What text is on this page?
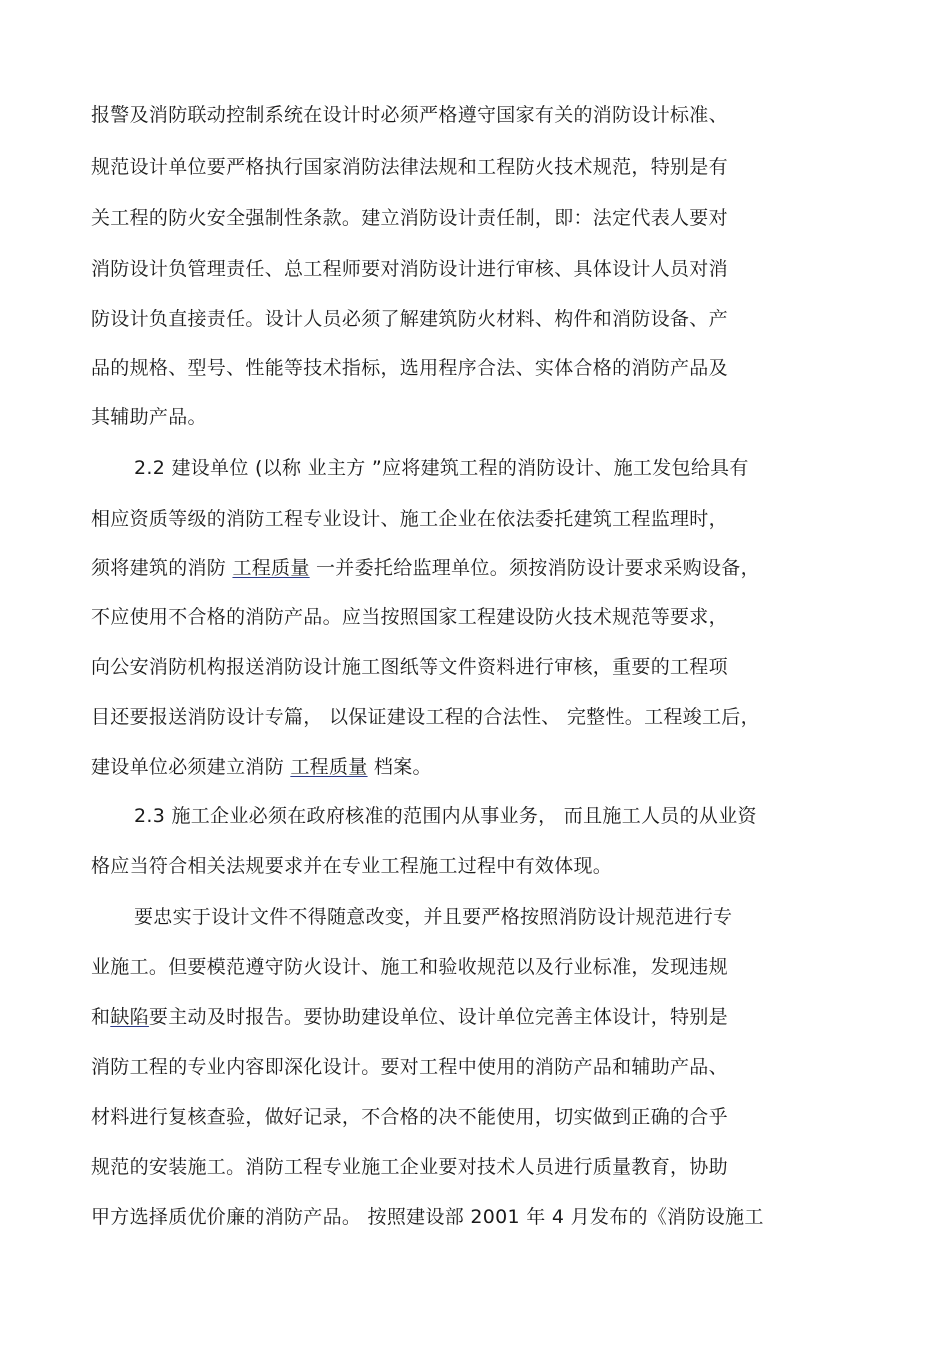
报警及消防联动控制系统在设计时必须严格遵守国家有关的消防设计标准、
规范设计单位要严格执行国家消防法律法规和工程防火技术规范，特别是有
关工程的防火安全强制性条款。建立消防设计责任制，即：法定代表人要对
消防设计负管理责任、总工程师要对消防设计进行审核、具体设计人员对消
防设计负直接责任。设计人员必须了解建筑防火材料、构件和消防设备、产
品的规格、型号、性能等技术指标，选用程序合法、实体合格的消防产品及
其辅助产品。
2.2 建设单位 (以称 业主方 ”应将建筑工程的消防设计、施工发包给具有
相应资质等级的消防工程专业设计、施工企业在依法委托建筑工程监理时，
须将建筑的消防 工程质量 一并委托给监理单位。须按消防设计要求采购设备，
不应使用不合格的消防产品。应当按照国家工程建设防火技术规范等要求，
向公安消防机构报送消防设计施工图纸等文件资料进行审核，重要的工程项
目还要报送消防设计专篇， 以保证建设工程的合法性、 完整性。工程竣工后，
建设单位必须建立消防 工程质量 档案。
2.3 施工企业必须在政府核准的范围内从事业务， 而且施工人员的从业资
格应当符合相关法规要求并在专业工程施工过程中有效体现。
要忠实于设计文件不得随意改变，并且要严格按照消防设计规范进行专
业施工。但要模范遵守防火设计、施工和验收规范以及行业标准，发现违规
和缺陷要主动及时报告。要协助建设单位、设计单位完善主体设计，特别是
消防工程的专业内容即深化设计。要对工程中使用的消防产品和辅助产品、
材料进行复核查验，做好记录，不合格的决不能使用，切实做到正确的合乎
规范的安装施工。消防工程专业施工企业要对技术人员进行质量教育，协助
甲方选择质优价廉的消防产品。 按照建设部 2001 年 4 月发布的《消防设施工
